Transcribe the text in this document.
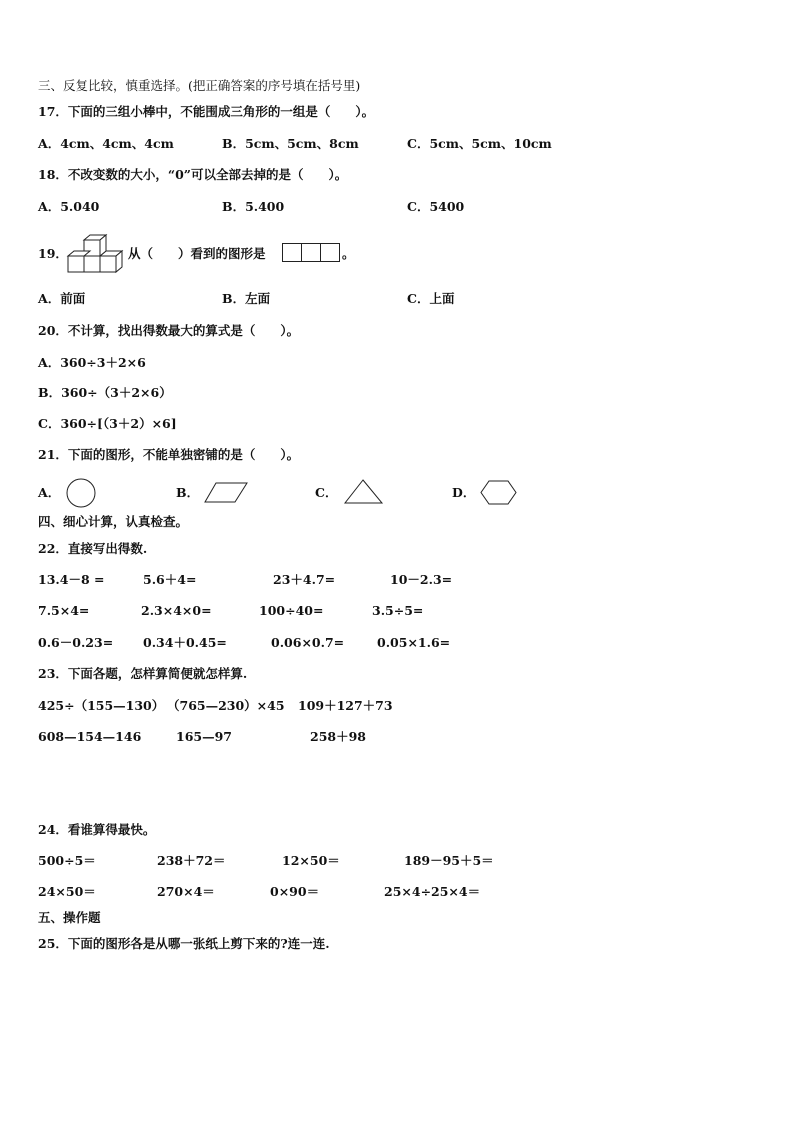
三、反复比较，慎重选择。(把正确答案的序号填在括号里)
17．下面的三组小棒中，不能围成三角形的一组是（　　）。
A．4cm、4cm、4cm	B．5cm、5cm、8cm	C．5cm、5cm、10cm
18．不改变数的大小，“0”可以全部去掉的是（　　）。
A．5.040	B．5.400	C．5400
19．	从（　　）看到的图形是	。
A．前面	B．左面	C．上面
20．不计算，找出得数最大的算式是（　　）。
A．360÷3＋2×6
B．360÷（3＋2×6）
C．360÷[（3＋2）×6]
21．下面的图形，不能单独密铺的是（　　）。
A．	B．	C．	D．
四、细心计算，认真检查。
22．直接写出得数.
13.4－8 =	5.6＋4=	23＋4.7=	10－2.3=
7.5×4=	2.3×4×0=	100÷40=	3.5÷5=
0.6－0.23= 0.34＋0.45=	0.06×0.7=	0.05×1.6=
23．下面各题，怎样算简便就怎样算.
425÷（155—130） （765—230）×45 109＋127＋73
608—154—146	165—97	258＋98
24．看谁算得最快。
500÷5＝	238＋72＝	12×50＝	189－95＋5＝
24×50＝	270×4＝	0×90＝	25×4÷25×4＝
五、操作题
25．下面的图形各是从哪一张纸上剪下来的?连一连.
